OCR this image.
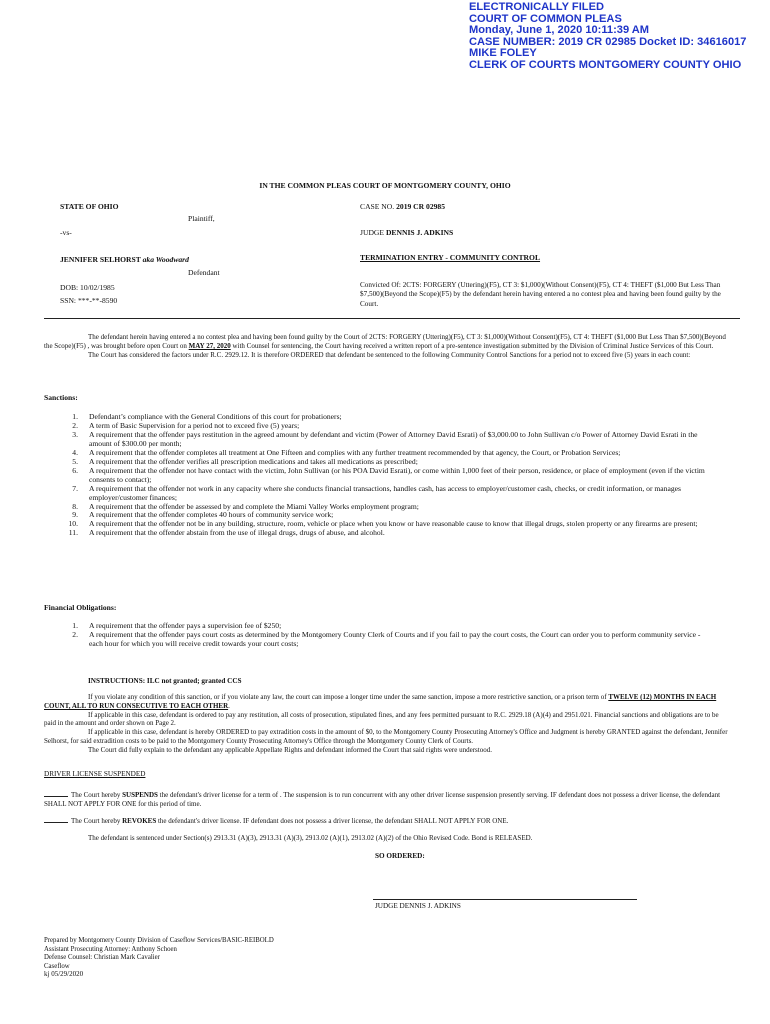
ELECTRONICALLY FILED
COURT OF COMMON PLEAS
Monday, June 1, 2020 10:11:39 AM
CASE NUMBER: 2019 CR 02985 Docket ID: 34616017
MIKE FOLEY
CLERK OF COURTS MONTGOMERY COUNTY OHIO
IN THE COMMON PLEAS COURT OF MONTGOMERY COUNTY, OHIO
STATE OF OHIO
Plaintiff,
-vs-
JENNIFER SELHORST aka Woodward
Defendant
DOB: 10/02/1985
SSN: ***-**-8590
CASE NO. 2019 CR 02985
JUDGE DENNIS J. ADKINS
TERMINATION ENTRY - COMMUNITY CONTROL
Convicted Of: 2CTS: FORGERY (Uttering)(F5), CT 3: $1,000)(Without Consent)(F5), CT 4: THEFT ($1,000 But Less Than $7,500)(Beyond the Scope)(F5) by the defendant herein having entered a no contest plea and having been found guilty by the Court.
The defendant herein having entered a no contest plea and having been found guilty by the Court of 2CTS: FORGERY (Uttering)(F5), CT 3: $1,000)(Without Consent)(F5), CT 4: THEFT ($1,000 But Less Than $7,500)(Beyond the Scope)(F5) , was brought before open Court on MAY 27, 2020 with Counsel for sentencing, the Court having received a written report of a pre-sentence investigation submitted by the Division of Criminal Justice Services of this Court.
The Court has considered the factors under R.C. 2929.12. It is therefore ORDERED that defendant be sentenced to the following Community Control Sanctions for a period not to exceed five (5) years in each count:
Sanctions:
1. Defendant’s compliance with the General Conditions of this court for probationers;
2. A term of Basic Supervision for a period not to exceed five (5) years;
3. A requirement that the offender pays restitution in the agreed amount by defendant and victim (Power of Attorney David Esrati) of $3,000.00 to John Sullivan c/o Power of Attorney David Esrati in the amount of $300.00 per month;
4. A requirement that the offender completes all treatment at One Fifteen and complies with any further treatment recommended by that agency, the Court, or Probation Services;
5. A requirement that the offender verifies all prescription medications and takes all medications as prescribed;
6. A requirement that the offender not have contact with the victim, John Sullivan (or his POA David Esrati), or come within 1,000 feet of their person, residence, or place of employment (even if the victim consents to contact);
7. A requirement that the offender not work in any capacity where she conducts financial transactions, handles cash, has access to employer/customer cash, checks, or credit information, or manages employer/customer finances;
8. A requirement that the offender be assessed by and complete the Miami Valley Works employment program;
9. A requirement that the offender completes 40 hours of community service work;
10. A requirement that the offender not be in any building, structure, room, vehicle or place when you know or have reasonable cause to know that illegal drugs, stolen property or any firearms are present;
11. A requirement that the offender abstain from the use of illegal drugs, drugs of abuse, and alcohol.
Financial Obligations:
1. A requirement that the offender pays a supervision fee of $250;
2. A requirement that the offender pays court costs as determined by the Montgomery County Clerk of Courts and if you fail to pay the court costs, the Court can order you to perform community service - each hour for which you will receive credit towards your court costs;
INSTRUCTIONS: ILC not granted; granted CCS
If you violate any condition of this sanction, or if you violate any law, the court can impose a longer time under the same sanction, impose a more restrictive sanction, or a prison term of TWELVE (12) MONTHS IN EACH COUNT, ALL TO RUN CONSECUTIVE TO EACH OTHER.
If applicable in this case, defendant is ordered to pay any restitution, all costs of prosecution, stipulated fines, and any fees permitted pursuant to R.C. 2929.18 (A)(4) and 2951.021. Financial sanctions and obligations are to be paid in the amount and order shown on Page 2.
If applicable in this case, defendant is hereby ORDERED to pay extradition costs in the amount of $0, to the Montgomery County Prosecuting Attorney's Office and Judgment is hereby GRANTED against the defendant, Jennifer Selhorst, for said extradition costs to be paid to the Montgomery County Prosecuting Attorney's Office through the Montgomery County Clerk of Courts.
The Court did fully explain to the defendant any applicable Appellate Rights and defendant informed the Court that said rights were understood.
DRIVER LICENSE SUSPENDED
The Court hereby SUSPENDS the defendant's driver license for a term of . The suspension is to run concurrent with any other driver license suspension presently serving. IF defendant does not possess a driver license, the defendant SHALL NOT APPLY FOR ONE for this period of time.
The Court hereby REVOKES the defendant's driver license. IF defendant does not possess a driver license, the defendant SHALL NOT APPLY FOR ONE.
The defendant is sentenced under Section(s) 2913.31 (A)(3), 2913.31 (A)(3), 2913.02 (A)(1), 2913.02 (A)(2) of the Ohio Revised Code. Bond is RELEASED.
SO ORDERED:
JUDGE DENNIS J. ADKINS
Prepared by Montgomery County Division of Caseflow Services/BASIC-REIBOLD
Assistant Prosecuting Attorney: Anthony Schoen
Defense Counsel: Christian Mark Cavalier
Caseflow
kj 05/29/2020
